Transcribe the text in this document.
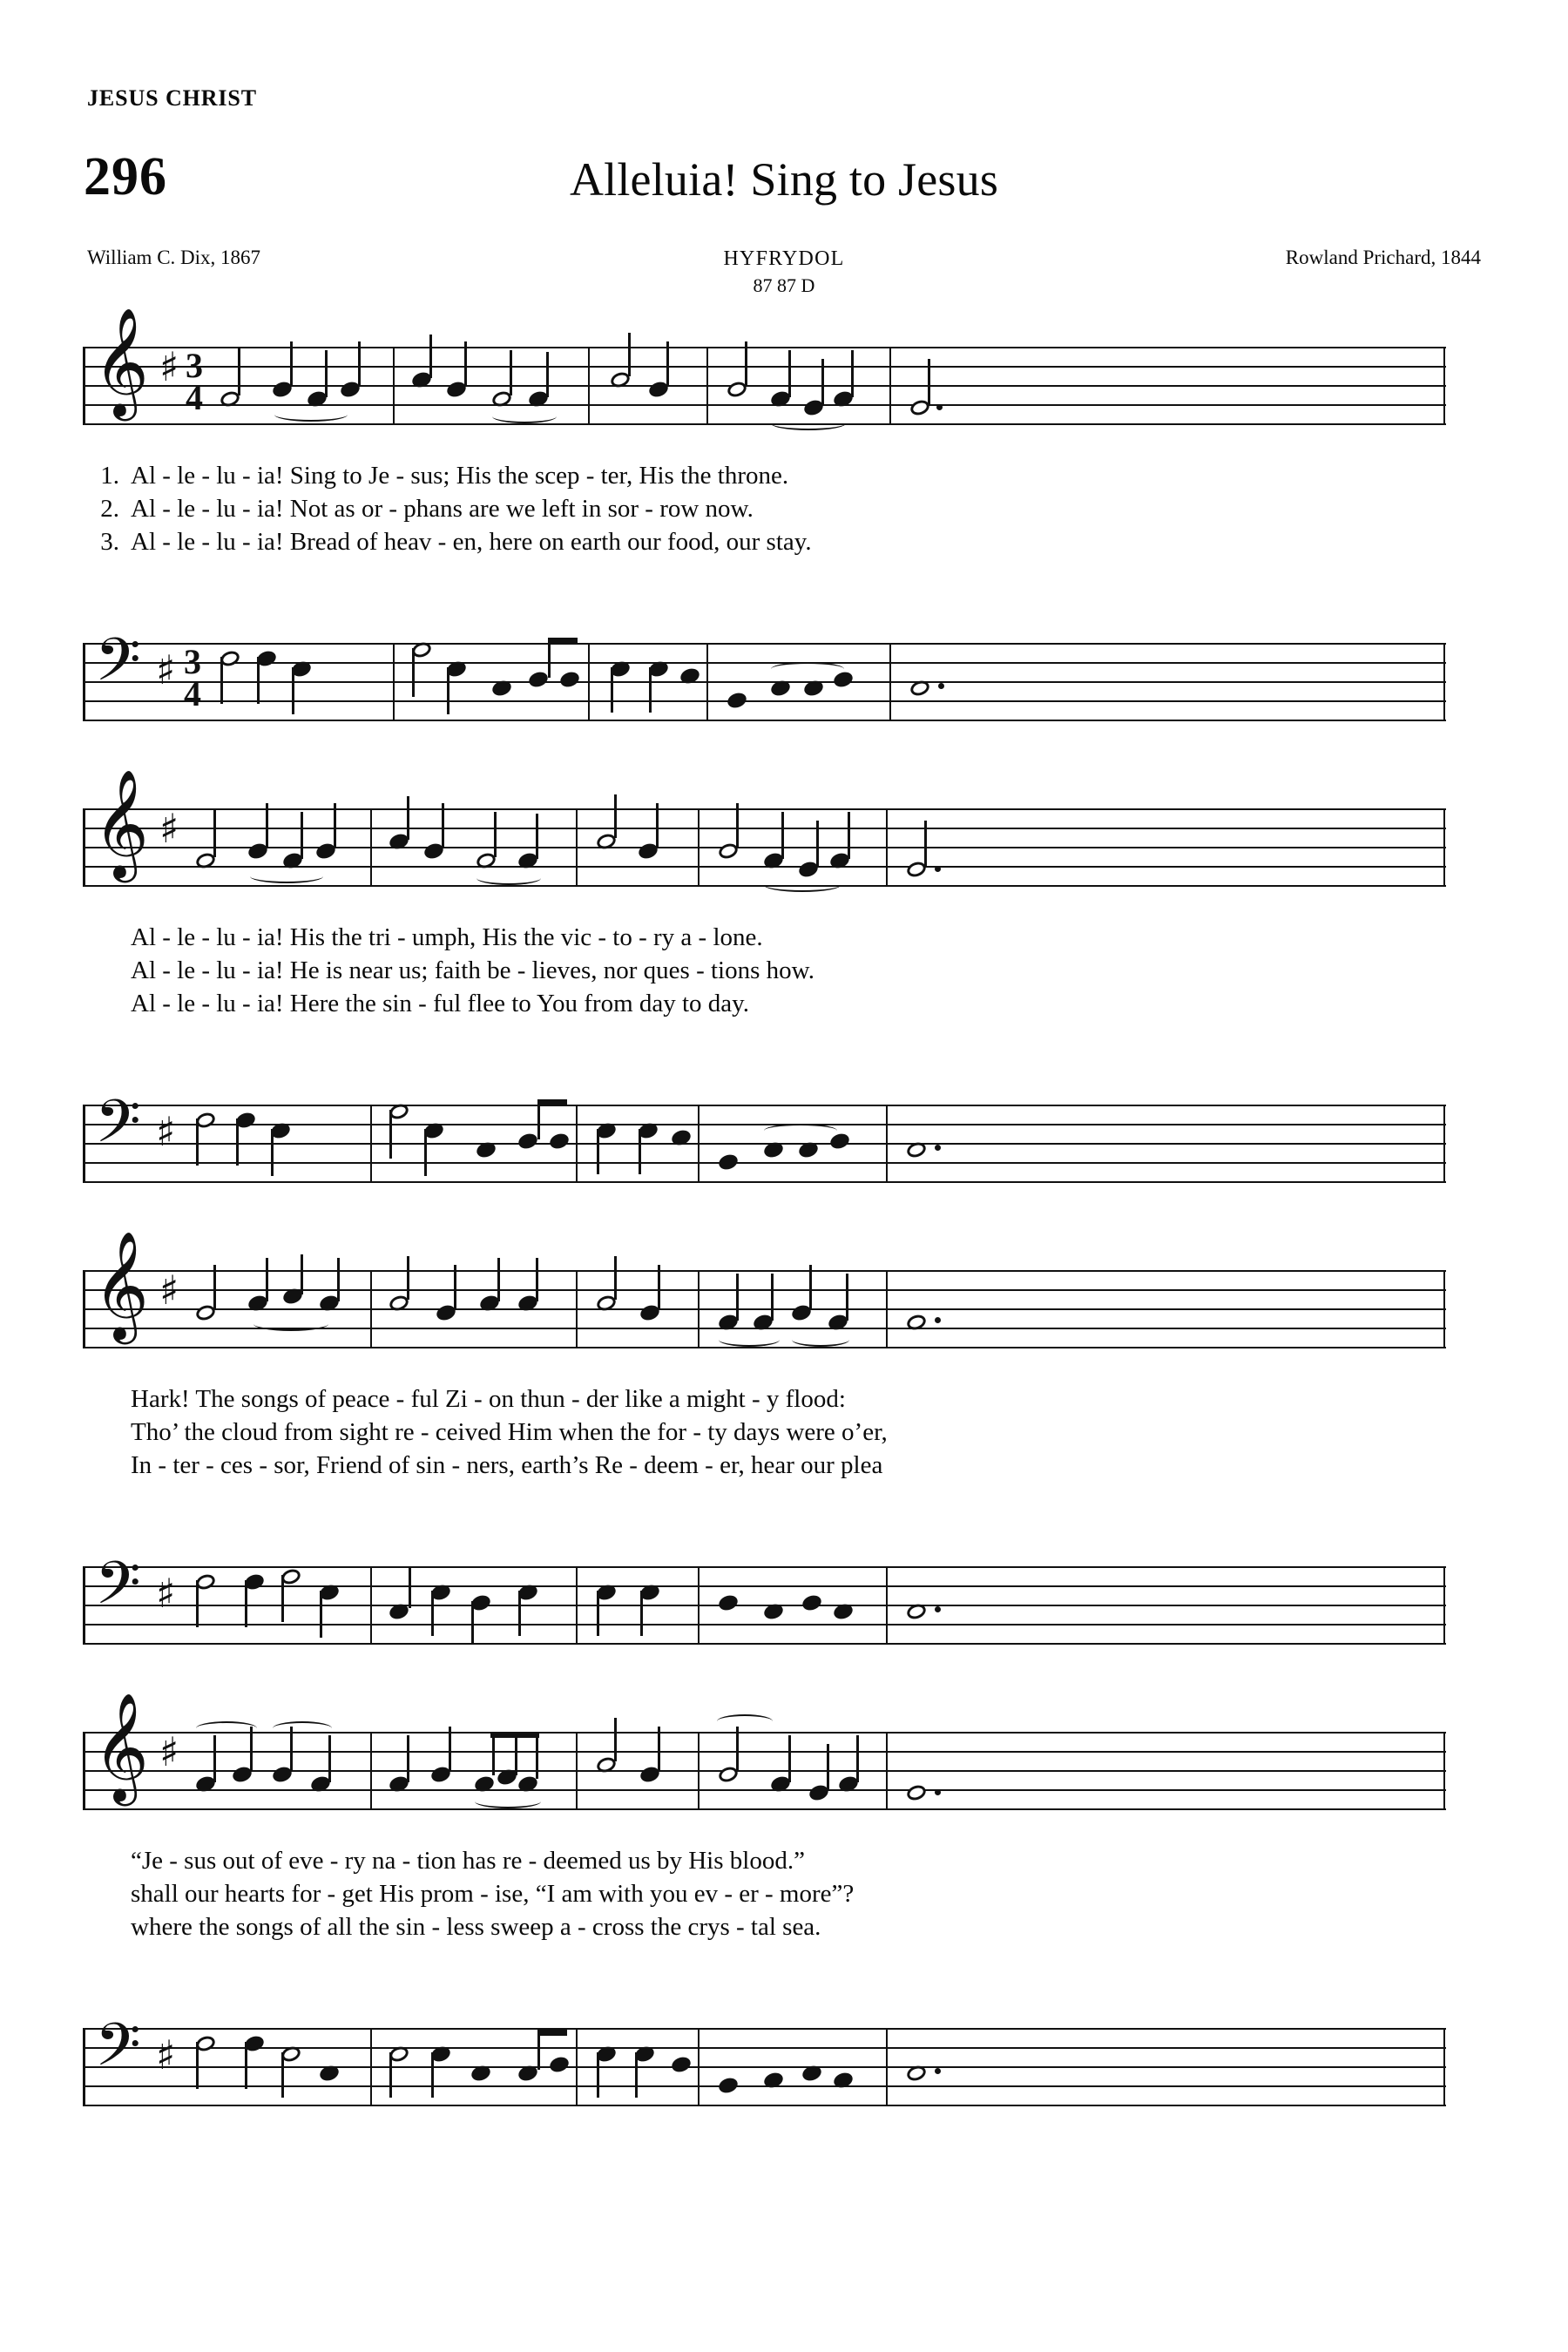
JESUS CHRIST
296	Alleluia! Sing to Jesus
William C. Dix, 1867	HYFRYDOL
87 87 D
Rowland Prichard, 1844
𝄞 ♯ 3
4
1. Al - le - lu - ia! Sing to Je - sus; His the scep - ter, His the throne.
2. Al - le - lu - ia! Not as or - phans are we left in sor - row now.
3. Al - le - lu - ia! Bread of heav - en, here on earth our food, our stay.
𝄢 ♯ 3
4
𝄞 ♯
Al - le - lu - ia! His the tri - umph, His the vic - to - ry a - lone.
Al - le - lu - ia! He is near us; faith be - lieves, nor ques - tions how.
Al - le - lu - ia! Here the sin - ful flee to You from day to day.
𝄢 ♯
𝄞 ♯
Hark! The songs of peace - ful Zi - on thun - der like a might - y flood:
Tho’ the cloud from sight re - ceived Him when the for - ty days were o’er,
In - ter - ces - sor, Friend of sin - ners, earth’s Re - deem - er, hear our plea
𝄢 ♯
𝄞 ♯
“Je - sus out of eve - ry na - tion has re - deemed us by His blood.”
shall our hearts for - get His prom - ise, “I am with you ev - er - more”?
where the songs of all the sin - less sweep a - cross the crys - tal sea.
𝄢 ♯
